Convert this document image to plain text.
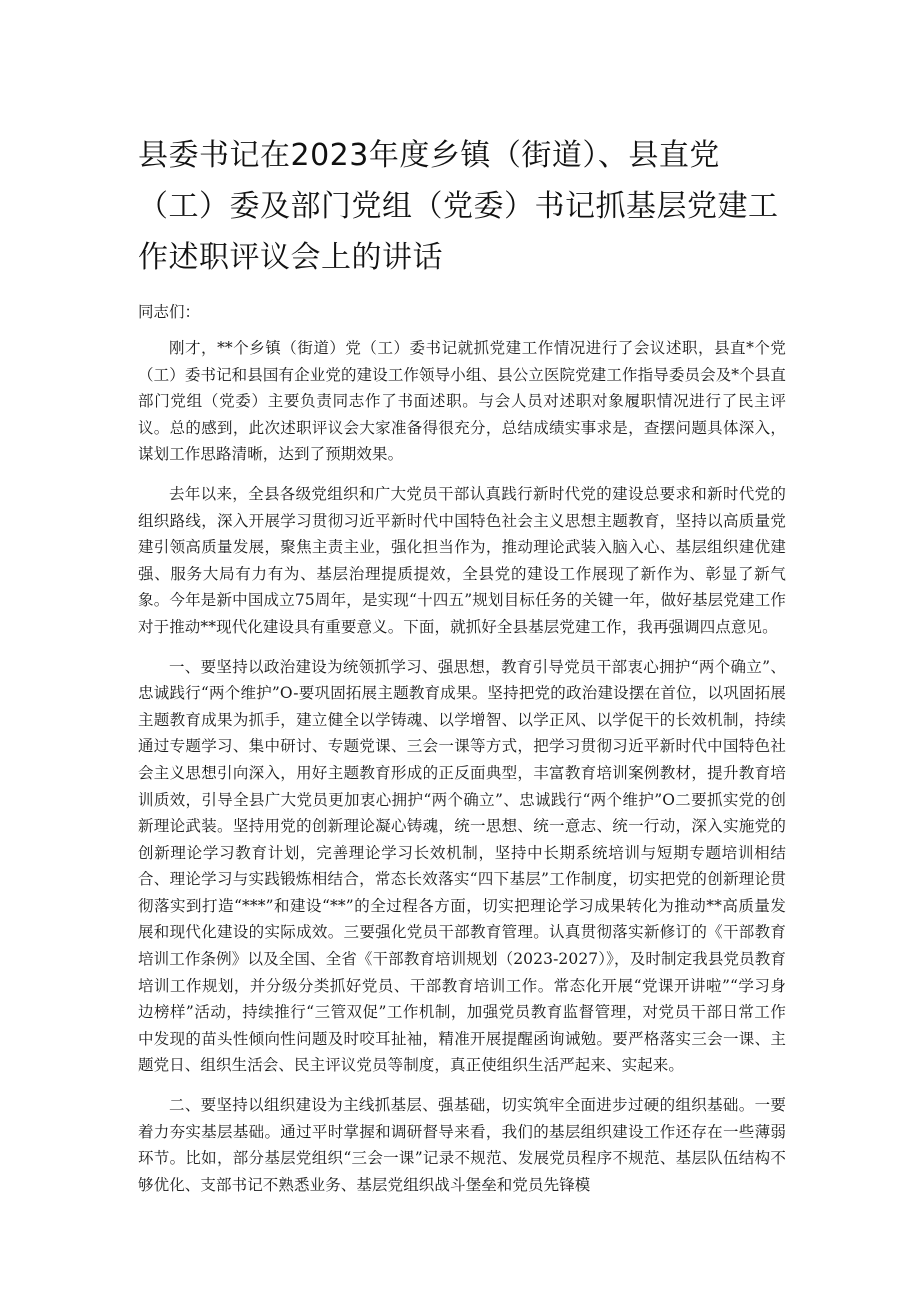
县委书记在2023年度乡镇（街道）、县直党（工）委及部门党组（党委）书记抓基层党建工作述职评议会上的讲话

同志们：

刚才，**个乡镇（街道）党（工）委书记就抓党建工作情况进行了会议述职，县直*个党（工）委书记和县国有企业党的建设工作领导小组、县公立医院党建工作指导委员会及*个县直部门党组（党委）主要负责同志作了书面述职。与会人员对述职对象履职情况进行了民主评议。总的感到，此次述职评议会大家准备得很充分，总结成绩实事求是，查摆问题具体深入，谋划工作思路清晰，达到了预期效果。

去年以来，全县各级党组织和广大党员干部认真践行新时代党的建设总要求和新时代党的组织路线，深入开展学习贯彻习近平新时代中国特色社会主义思想主题教育，坚持以高质量党建引领高质量发展，聚焦主责主业，强化担当作为，推动理论武装入脑入心、基层组织建优建强、服务大局有力有为、基层治理提质提效，全县党的建设工作展现了新作为、彰显了新气象。今年是新中国成立75周年，是实现“十四五”规划目标任务的关键一年，做好基层党建工作对于推动**现代化建设具有重要意义。下面，就抓好全县基层党建工作，我再强调四点意见。

一、要坚持以政治建设为统领抓学习、强思想，教育引导党员干部衷心拥护“两个确立”、忠诚践行“两个维护”O-要巩固拓展主题教育成果。坚持把党的政治建设摆在首位，以巩固拓展主题教育成果为抓手，建立健全以学铸魂、以学增智、以学正风、以学促干的长效机制，持续通过专题学习、集中研讨、专题党课、三会一课等方式，把学习贯彻习近平新时代中国特色社会主义思想引向深入，用好主题教育形成的正反面典型，丰富教育培训案例教材，提升教育培训质效，引导全县广大党员更加衷心拥护“两个确立”、忠诚践行“两个维护”O二要抓实党的创新理论武装。坚持用党的创新理论凝心铸魂，统一思想、统一意志、统一行动，深入实施党的创新理论学习教育计划，完善理论学习长效机制，坚持中长期系统培训与短期专题培训相结合、理论学习与实践锻炼相结合，常态长效落实“四下基层”工作制度，切实把党的创新理论贯彻落实到打造“***”和建设“**”的全过程各方面，切实把理论学习成果转化为推动**高质量发展和现代化建设的实际成效。三要强化党员干部教育管理。认真贯彻落实新修订的《干部教育培训工作条例》以及全国、全省《干部教育培训规划（2023-2027）》，及时制定我县党员教育培训工作规划，并分级分类抓好党员、干部教育培训工作。常态化开展“党课开讲啦”“学习身边榜样”活动，持续推行“三管双促”工作机制，加强党员教育监督管理，对党员干部日常工作中发现的苗头性倾向性问题及时咬耳扯袖，精准开展提醒函询诫勉。要严格落实三会一课、主题党日、组织生活会、民主评议党员等制度，真正使组织生活严起来、实起来。

二、要坚持以组织建设为主线抓基层、强基础，切实筑牢全面进步过硬的组织基础。一要着力夯实基层基础。通过平时掌握和调研督导来看，我们的基层组织建设工作还存在一些薄弱环节。比如，部分基层党组织“三会一课”记录不规范、发展党员程序不规范、基层队伍结构不够优化、支部书记不熟悉业务、基层党组织战斗堡垒和党员先锋模
